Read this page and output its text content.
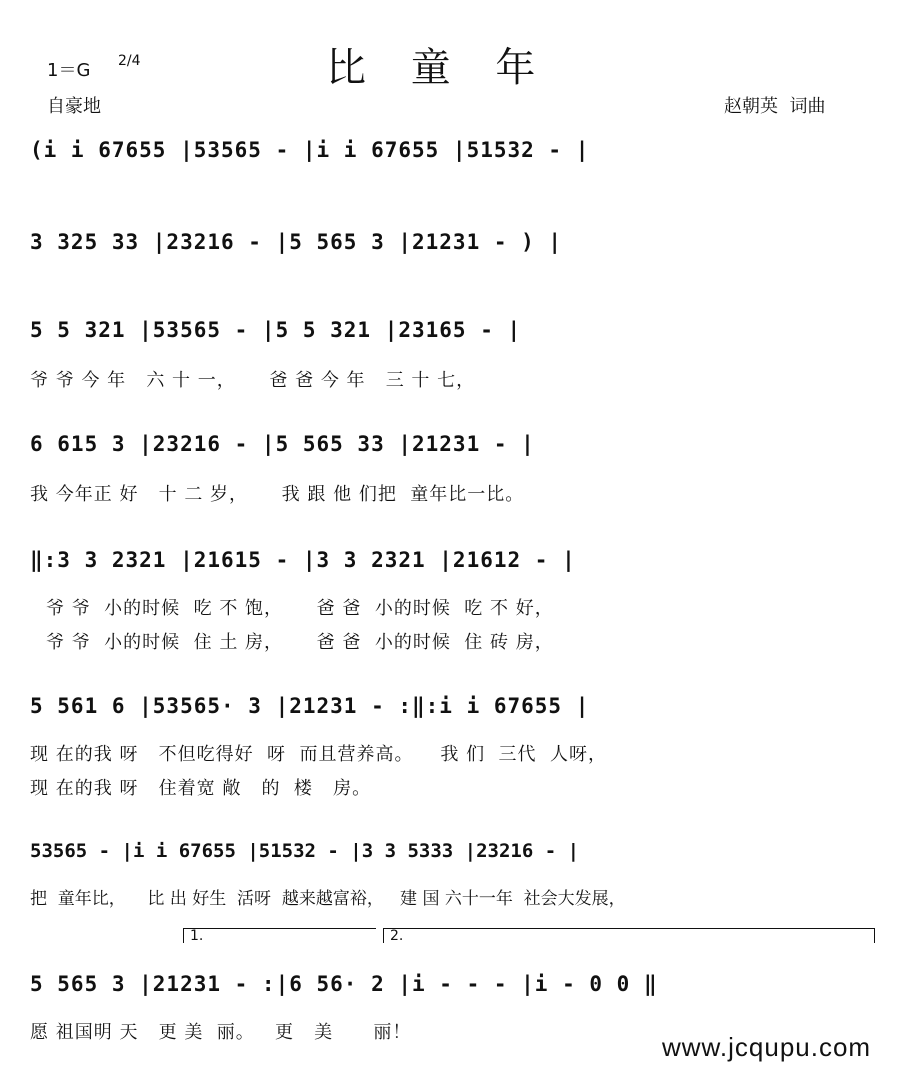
1＝G 2/4	比 童 年
自豪地	赵朝英  词曲
(i i 67655 |53565 - |i i 67655 |51532 - |
3 325 33 |23216 - |5 565 3 |21231 - ) |
5 5 321 |53565 - |5 5 321 |23165 - |
爷 爷 今 年   六 十 一，     爸 爸 今 年   三 十 七，
6 615 3 |23216 - |5 565 33 |21231 - |
我 今年正 好   十 二 岁，     我 跟 他 们把  童年比一比。
‖:3 3 2321 |21615 - |3 3 2321 |21612 - |
爷 爷  小的时候  吃 不 饱，     爸 爸  小的时候  吃 不 好，
爷 爷  小的时候  住 土 房，     爸 爸  小的时候  住 砖 房，
5 561 6 |53565· 3 |21231 - :‖:i i 67655 |
现 在的我 呀   不但吃得好  呀  而且营养高。    我 们  三代  人呀，
现 在的我 呀   住着宽 敞   的  楼   房。
53565 - |i i 67655 |51532 - |3 3 5333 |23216 - |
把  童年比，    比 出 好生  活呀  越来越富裕，   建 国 六十一年  社会大发展，
1.	2.
5 565 3 |21231 - :|6 56· 2 |i - - - |i - 0 0 ‖
愿 祖国明 天   更 美  丽。   更   美      丽！	www.jcqupu.com
